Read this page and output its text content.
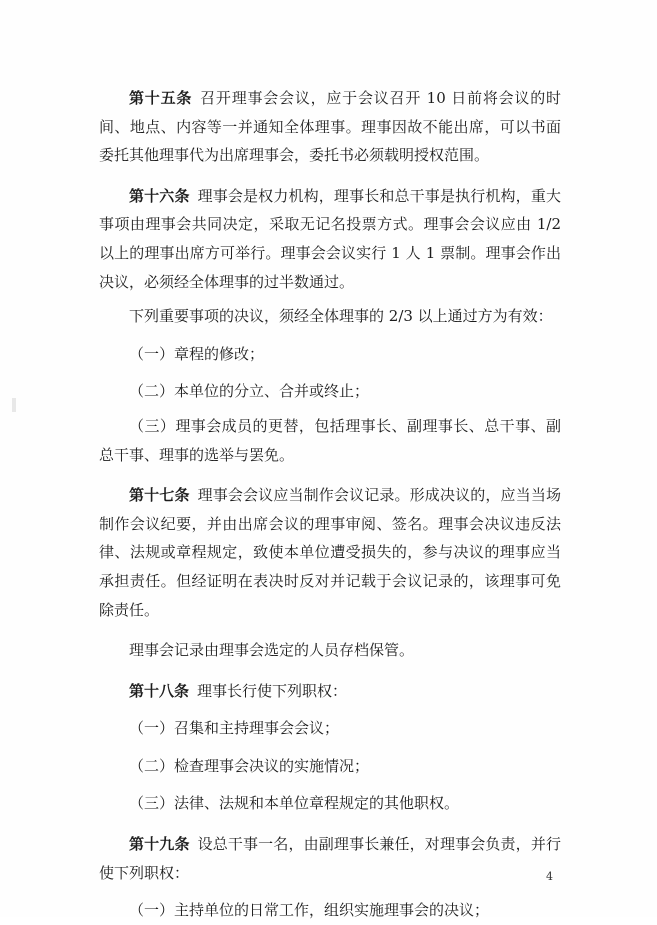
第十五条 召开理事会会议，应于会议召开 10 日前将会议的时间、地点、内容等一并通知全体理事。理事因故不能出席，可以书面委托其他理事代为出席理事会，委托书必须载明授权范围。

第十六条 理事会是权力机构，理事长和总干事是执行机构，重大事项由理事会共同决定，采取无记名投票方式。理事会会议应由 1/2 以上的理事出席方可举行。理事会会议实行 1 人 1 票制。理事会作出决议，必须经全体理事的过半数通过。

下列重要事项的决议，须经全体理事的 2/3 以上通过方为有效：

（一）章程的修改；

（二）本单位的分立、合并或终止；

（三）理事会成员的更替，包括理事长、副理事长、总干事、副总干事、理事的选举与罢免。

第十七条 理事会会议应当制作会议记录。形成决议的，应当当场制作会议纪要，并由出席会议的理事审阅、签名。理事会决议违反法律、法规或章程规定，致使本单位遭受损失的，参与决议的理事应当承担责任。但经证明在表决时反对并记载于会议记录的，该理事可免除责任。

理事会记录由理事会选定的人员存档保管。

第十八条 理事长行使下列职权：

（一）召集和主持理事会会议；

（二）检查理事会决议的实施情况；

（三）法律、法规和本单位章程规定的其他职权。

第十九条 设总干事一名，由副理事长兼任，对理事会负责，并行使下列职权：

（一）主持单位的日常工作，组织实施理事会的决议；

4
